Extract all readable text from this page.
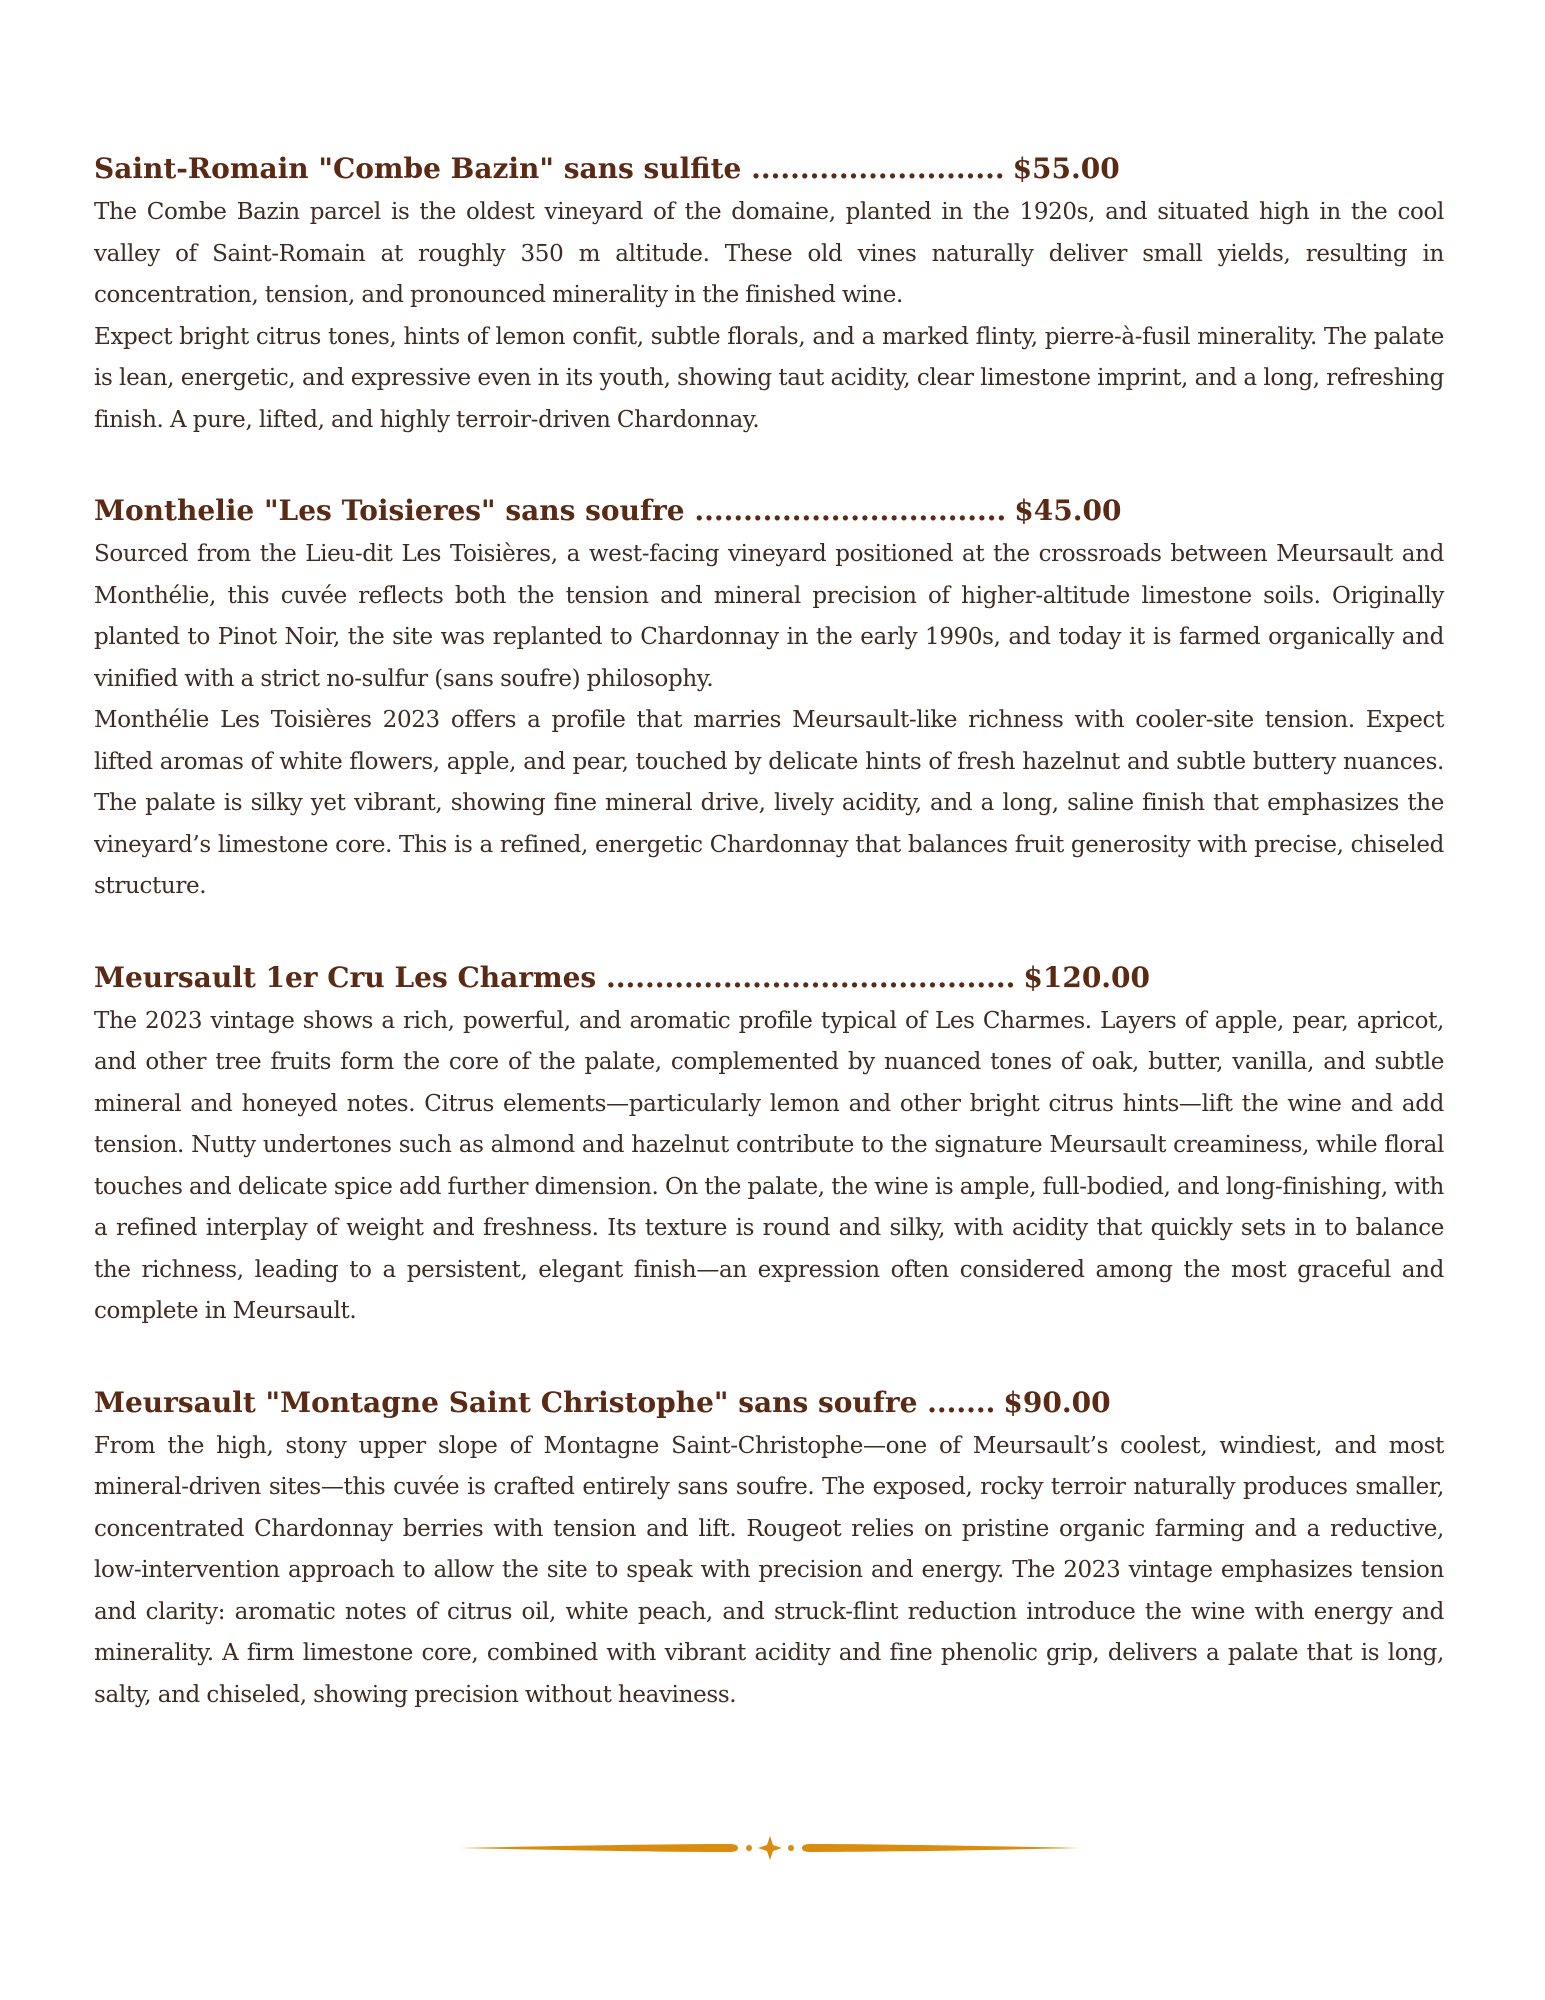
Saint-Romain "Combe Bazin" sans sulfite .......................... $55.00

The Combe Bazin parcel is the oldest vineyard of the domaine, planted in the 1920s, and situated high in the cool valley of Saint-Romain at roughly 350 m altitude. These old vines naturally deliver small yields, resulting in concentration, tension, and pronounced minerality in the finished wine.

Expect bright citrus tones, hints of lemon confit, subtle florals, and a marked flinty, pierre-à-fusil minerality. The palate is lean, energetic, and expressive even in its youth, showing taut acidity, clear limestone imprint, and a long, refreshing finish. A pure, lifted, and highly terroir-driven Chardonnay.

Monthelie "Les Toisieres" sans soufre ................................ $45.00

Sourced from the Lieu-dit Les Toisières, a west-facing vineyard positioned at the crossroads between Meursault and Monthélie, this cuvée reflects both the tension and mineral precision of higher-altitude limestone soils. Originally planted to Pinot Noir, the site was replanted to Chardonnay in the early 1990s, and today it is farmed organically and vinified with a strict no-sulfur (sans soufre) philosophy.

Monthélie Les Toisières 2023 offers a profile that marries Meursault-like richness with cooler-site tension. Expect lifted aromas of white flowers, apple, and pear, touched by delicate hints of fresh hazelnut and subtle buttery nuances. The palate is silky yet vibrant, showing fine mineral drive, lively acidity, and a long, saline finish that emphasizes the vineyard’s limestone core. This is a refined, energetic Chardonnay that balances fruit generosity with precise, chiseled structure.

Meursault 1er Cru Les Charmes .......................................... $120.00

The 2023 vintage shows a rich, powerful, and aromatic profile typical of Les Charmes. Layers of apple, pear, apricot, and other tree fruits form the core of the palate, complemented by nuanced tones of oak, butter, vanilla, and subtle mineral and honeyed notes. Citrus elements—particularly lemon and other bright citrus hints—lift the wine and add tension. Nutty undertones such as almond and hazelnut contribute to the signature Meursault creaminess, while floral touches and delicate spice add further dimension. On the palate, the wine is ample, full-bodied, and long-finishing, with a refined interplay of weight and freshness. Its texture is round and silky, with acidity that quickly sets in to balance the richness, leading to a persistent, elegant finish—an expression often considered among the most graceful and complete in Meursault.

Meursault "Montagne Saint Christophe" sans soufre ....... $90.00

From the high, stony upper slope of Montagne Saint-Christophe—one of Meursault’s coolest, windiest, and most mineral-driven sites—this cuvée is crafted entirely sans soufre. The exposed, rocky terroir naturally produces smaller, concentrated Chardonnay berries with tension and lift. Rougeot relies on pristine organic farming and a reductive, low-intervention approach to allow the site to speak with precision and energy. The 2023 vintage emphasizes tension and clarity: aromatic notes of citrus oil, white peach, and struck-flint reduction introduce the wine with energy and minerality. A firm limestone core, combined with vibrant acidity and fine phenolic grip, delivers a palate that is long, salty, and chiseled, showing precision without heaviness.
